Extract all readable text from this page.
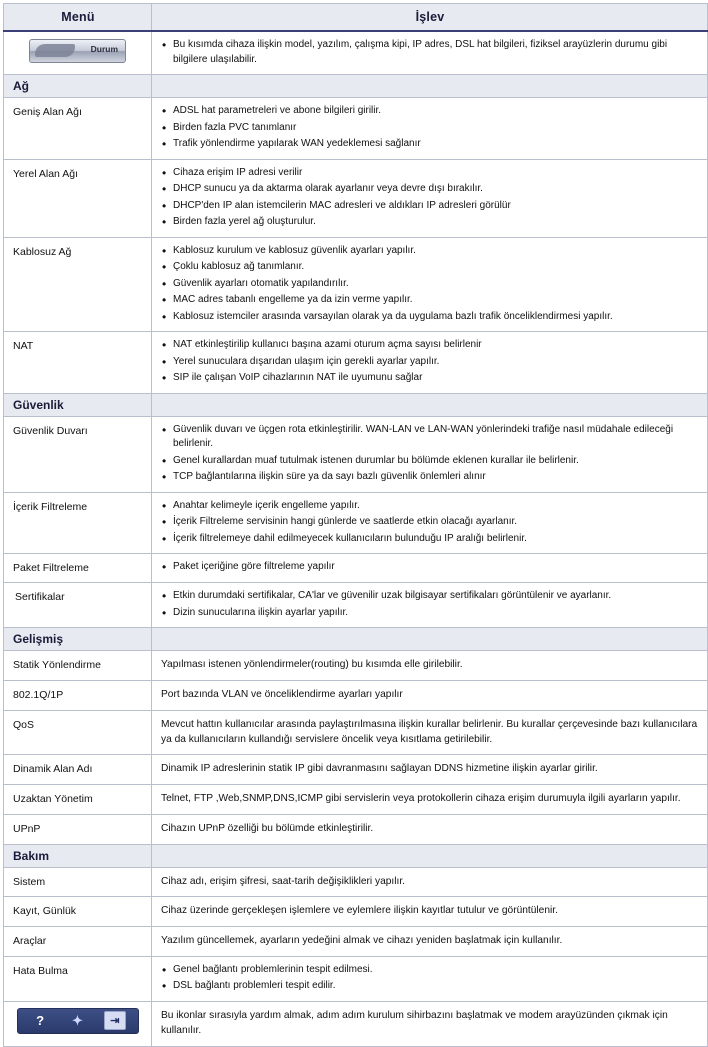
Menü	İşlev

Durum

•Bu kısımda cihaza ilişkin model, yazılım, çalışma kipi, IP adres, DSL hat bilgileri, fiziksel arayüzlerin durumu gibi bilgilere ulaşılabilir.

Ağ	
Geniş Alan Ağı	
•ADSL hat parametreleri ve abone bilgileri girilir.
• Birden fazla PVC tanımlanır
• Trafik yönlendirme yapılarak WAN yedeklemesi sağlanır

Yerel Alan Ağı	
•Cihaza erişim IP adresi verilir
• DHCP sunucu ya da aktarma olarak ayarlanır veya devre dışı bırakılır.
• DHCP'den IP alan istemcilerin MAC adresleri ve aldıkları IP adresleri görülür
• Birden fazla yerel ağ oluşturulur.

Kablosuz Ağ	
•Kablosuz kurulum ve kablosuz güvenlik ayarları yapılır.
• Çoklu kablosuz ağ tanımlanır.
• Güvenlik ayarları otomatik yapılandırılır.
• MAC adres tabanlı engelleme ya da izin verme yapılır.
• Kablosuz istemciler arasında varsayılan olarak ya da uygulama bazlı trafik önceliklendirmesi yapılır.

NAT	
•NAT etkinleştirilip kullanıcı başına azami oturum açma sayısı belirlenir
• Yerel sunuculara dışarıdan ulaşım için gerekli ayarlar yapılır.
• SIP ile çalışan VoIP cihazlarının NAT ile uyumunu sağlar

Güvenlik	
Güvenlik Duvarı	
•Güvenlik duvarı ve üçgen rota etkinleştirilir. WAN-LAN ve LAN-WAN yönlerindeki trafiğe nasıl müdahale edileceği belirlenir.
• Genel kurallardan muaf tutulmak istenen durumlar bu bölümde eklenen kurallar ile belirlenir.
• TCP bağlantılarına ilişkin süre ya da sayı bazlı güvenlik önlemleri alınır

İçerik Filtreleme	
•Anahtar kelimeyle içerik engelleme yapılır.
• İçerik Filtreleme servisinin hangi günlerde ve saatlerde etkin olacağı ayarlanır.
• İçerik filtrelemeye dahil edilmeyecek kullanıcıların bulunduğu IP aralığı belirlenir.

Paket Filtreleme	
•Paket içeriğine göre filtreleme yapılır

Sertifikalar	
•Etkin durumdaki sertifikalar, CA'lar ve güvenilir uzak bilgisayar sertifikaları görüntülenir ve ayarlanır.
• Dizin sunucularına ilişkin ayarlar yapılır.

Gelişmiş	
Statik Yönlendirme	Yapılması istenen yönlendirmeler(routing) bu kısımda elle girilebilir.
802.1Q/1P	Port bazında VLAN ve önceliklendirme ayarları yapılır
QoS	Mevcut hattın kullanıcılar arasında paylaştırılmasına ilişkin kurallar belirlenir. Bu kurallar çerçevesinde bazı kullanıcılara ya da kullanıcıların kullandığı servislere öncelik veya kısıtlama getirilebilir.
Dinamik Alan Adı	Dinamik IP adreslerinin statik IP gibi davranmasını sağlayan DDNS hizmetine ilişkin ayarlar girilir.
Uzaktan Yönetim	Telnet, FTP ,Web,SNMP,DNS,ICMP gibi servislerin veya protokollerin cihaza erişim durumuyla ilgili ayarların yapılır.
UPnP	Cihazın UPnP özelliği bu bölümde etkinleştirilir.
Bakım	
Sistem	Cihaz adı, erişim şifresi, saat-tarih değişiklikleri yapılır.
Kayıt, Günlük	Cihaz üzerinde gerçekleşen işlemlere ve eylemlere ilişkin kayıtlar tutulur ve görüntülenir.
Araçlar	Yazılım güncellemek, ayarların yedeğini almak ve cihazı yeniden başlatmak için kullanılır.
Hata Bulma	
•Genel bağlantı problemlerinin tespit edilmesi.
• DSL bağlantı problemleri tespit edilir.

? ✦ ⇥	Bu ikonlar sırasıyla yardım almak, adım adım kurulum sihirbazını başlatmak ve modem arayüzünden çıkmak için kullanılır.
